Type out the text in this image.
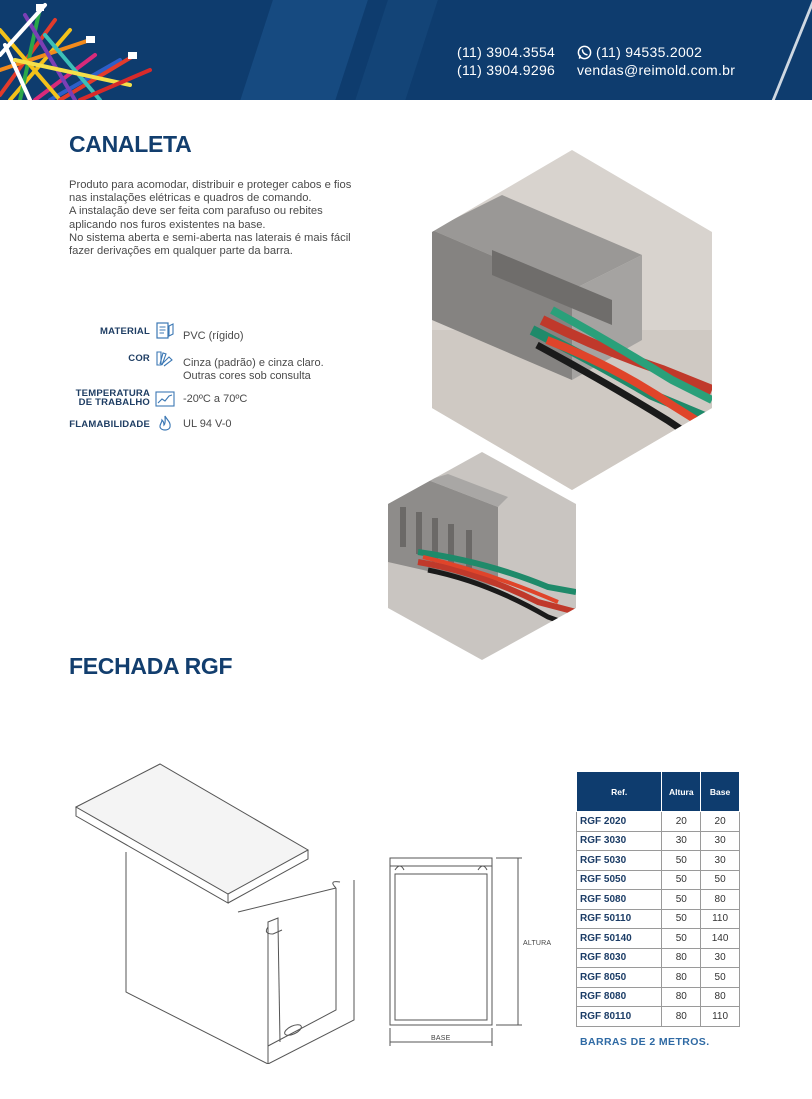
(11) 3904.3554
(11) 3904.9296
(11) 94535.2002
vendas@reimold.com.br
CANALETA

Produto para acomodar, distribuir e proteger cabos e fios

nas instalações elétricas e quadros de comando.

A instalação deve ser feita com parafuso ou rebites

aplicando nos furos existentes na base.

No sistema aberta e semi-aberta nas laterais é mais fácil

fazer derivações em qualquer parte da barra.

MATERIAL	PVC (rígido)
COR	Cinza (padrão) e cinza claro.
Outras cores sob consulta
TEMPERATURA
DE TRABALHO	-20ºC a 70ºC
FLAMABILIDADE	UL 94 V-0
FECHADA RGF
ALTURA
BASE
Ref.	Altura	Base
RGF 2020	20	20
RGF 3030	30	30
RGF 5030	50	30
RGF 5050	50	50
RGF 5080	50	80
RGF 50110	50	110
RGF 50140	50	140
RGF 8030	80	30
RGF 8050	80	50
RGF 8080	80	80
RGF 80110	80	110
BARRAS DE 2 METROS.
